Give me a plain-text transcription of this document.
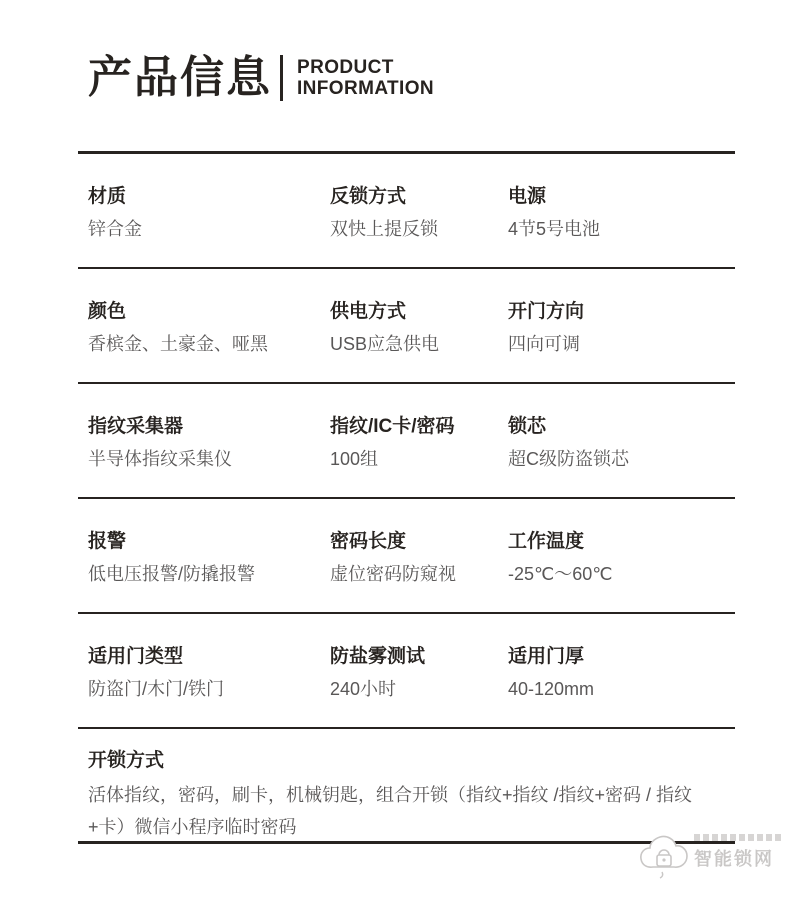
产品信息 PRODUCT
INFORMATION
材质
锌合金
反锁方式
双快上提反锁
电源
4节5号电池
颜色
香槟金、土豪金、哑黑
供电方式
USB应急供电
开门方向
四向可调
指纹采集器
半导体指纹采集仪
指纹/IC卡/密码
100组
锁芯
超C级防盗锁芯
报警
低电压报警/防撬报警
密码长度
虚位密码防窥视
工作温度
-25℃～60℃
适用门类型
防盗门/木门/铁门
防盐雾测试
240小时
适用门厚
40-120mm
开锁方式
活体指纹，密码，刷卡，机械钥匙，组合开锁（指纹+指纹 /指纹+密码 / 指纹+卡）微信小程序临时密码
智能锁网
